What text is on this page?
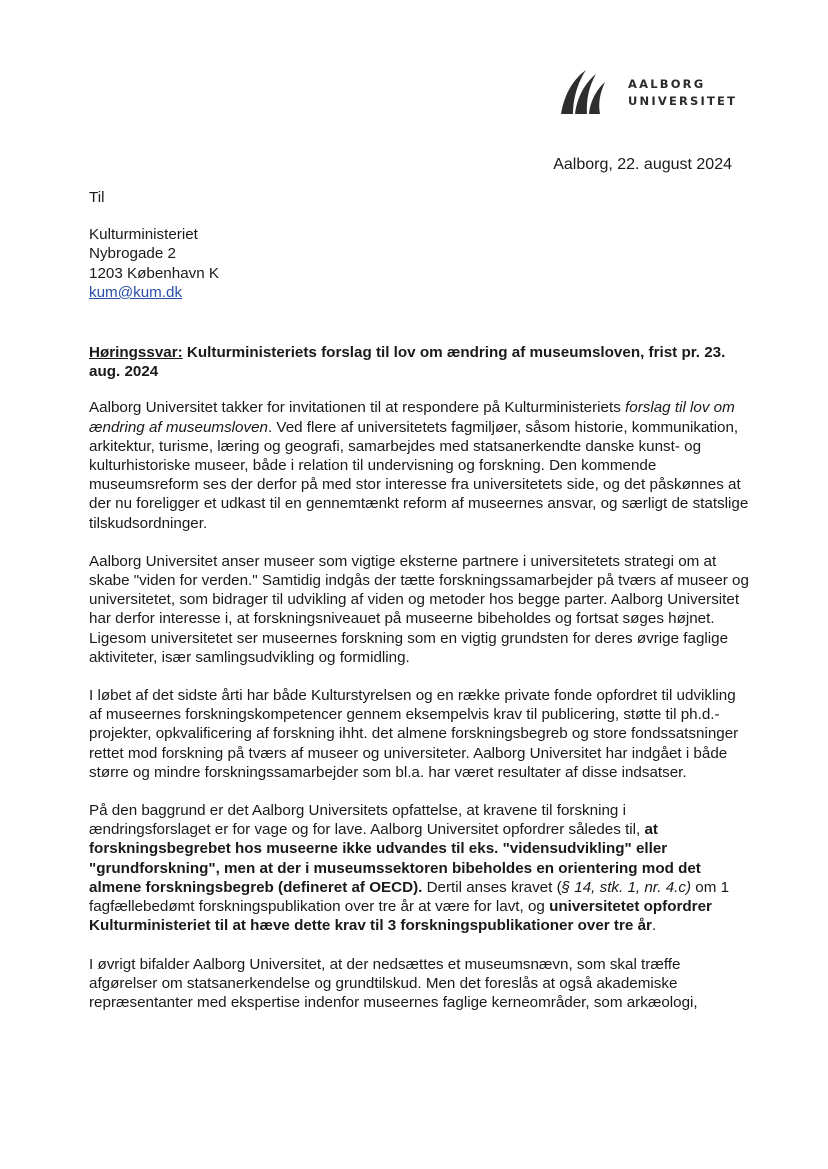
AALBORG
UNIVERSITET
Aalborg, 22. august 2024
Til
Kulturministeriet
Nybrogade 2
1203 København K
kum@kum.dk
Høringssvar: Kulturministeriets forslag til lov om ændring af museumsloven, frist pr. 23. aug. 2024

Aalborg Universitet takker for invitationen til at respondere på Kulturministeriets forslag til lov om ændring af museumsloven. Ved flere af universitetets fagmiljøer, såsom historie, kommunikation, arkitektur, turisme, læring og geografi, samarbejdes med statsanerkendte danske kunst- og kulturhistoriske museer, både i relation til undervisning og forskning. Den kommende museumsreform ses der derfor på med stor interesse fra universitetets side, og det påskønnes at der nu foreligger et udkast til en gennemtænkt reform af museernes ansvar, og særligt de statslige tilskudsordninger.

Aalborg Universitet anser museer som vigtige eksterne partnere i universitetets strategi om at skabe "viden for verden." Samtidig indgås der tætte forskningssamarbejder på tværs af museer og universitetet, som bidrager til udvikling af viden og metoder hos begge parter. Aalborg Universitet har derfor interesse i, at forskningsniveauet på museerne bibeholdes og fortsat søges højnet. Ligesom universitetet ser museernes forskning som en vigtig grundsten for deres øvrige faglige aktiviteter, især samlingsudvikling og formidling.

I løbet af det sidste årti har både Kulturstyrelsen og en række private fonde opfordret til udvikling af museernes forskningskompetencer gennem eksempelvis krav til publicering, støtte til ph.d.-projekter, opkvalificering af forskning ihht. det almene forskningsbegreb og store fondssatsninger rettet mod forskning på tværs af museer og universiteter. Aalborg Universitet har indgået i både større og mindre forskningssamarbejder som bl.a. har været resultater af disse indsatser.

På den baggrund er det Aalborg Universitets opfattelse, at kravene til forskning i ændringsforslaget er for vage og for lave. Aalborg Universitet opfordrer således til, at forskningsbegrebet hos museerne ikke udvandes til eks. "vidensudvikling" eller "grundforskning", men at der i museumssektoren bibeholdes en orientering mod det almene forskningsbegreb (defineret af OECD). Dertil anses kravet (§ 14, stk. 1, nr. 4.c) om 1 fagfællebedømt forskningspublikation over tre år at være for lavt, og universitetet opfordrer Kulturministeriet til at hæve dette krav til 3 forskningspublikationer over tre år.

I øvrigt bifalder Aalborg Universitet, at der nedsættes et museumsnævn, som skal træffe afgørelser om statsanerkendelse og grundtilskud. Men det foreslås at også akademiske repræsentanter med ekspertise indenfor museernes faglige kerneområder, som arkæologi,
